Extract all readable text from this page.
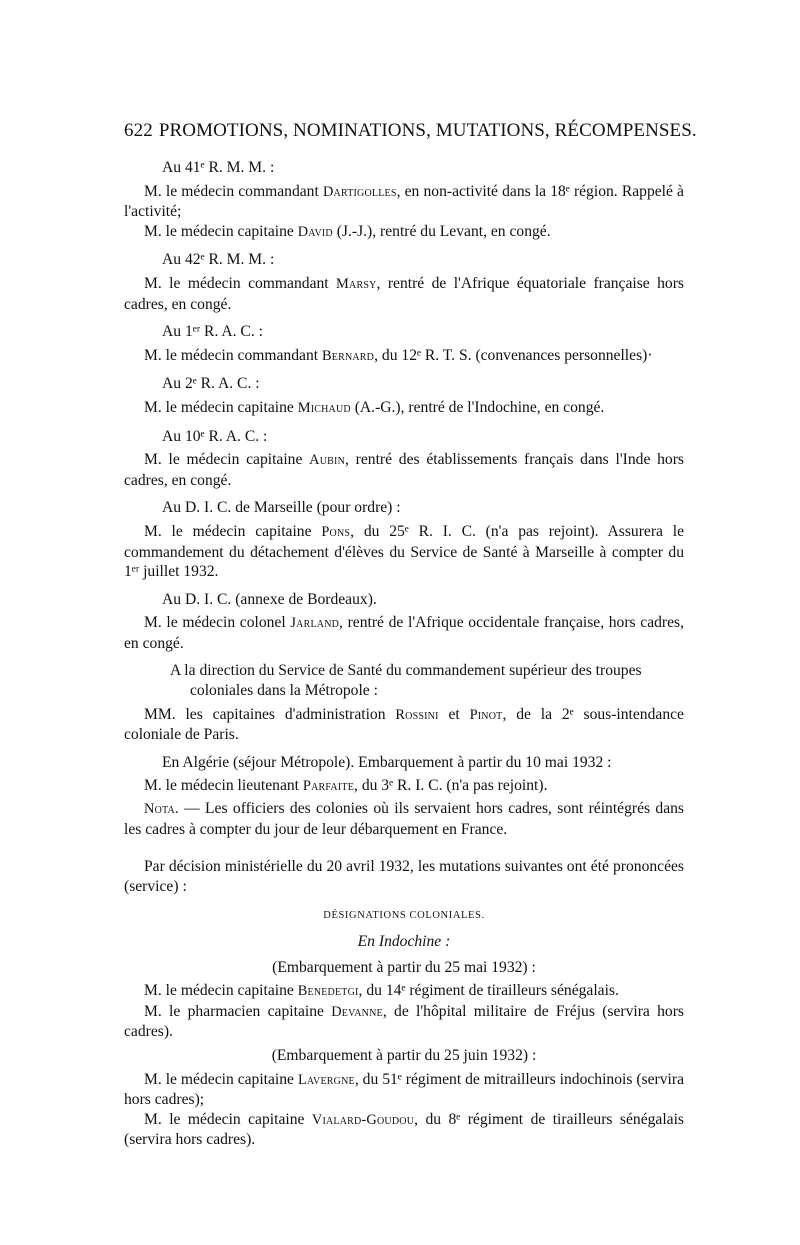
622 PROMOTIONS, NOMINATIONS, MUTATIONS, RÉCOMPENSES.

Au 41ᵉ R. M. M. :

M. le médecin commandant Dartigolles, en non-activité dans la 18ᵉ région. Rappelé à l'activité;

M. le médecin capitaine David (J.-J.), rentré du Levant, en congé.

Au 42ᵉ R. M. M. :

M. le médecin commandant Marsy, rentré de l'Afrique équatoriale française hors cadres, en congé.

Au 1ᵉʳ R. A. C. :

M. le médecin commandant Bernard, du 12ᵉ R. T. S. (convenances personnelles)·

Au 2ᵉ R. A. C. :

M. le médecin capitaine Michaud (A.-G.), rentré de l'Indochine, en congé.

Au 10ᵉ R. A. C. :

M. le médecin capitaine Aubin, rentré des établissements français dans l'Inde hors cadres, en congé.

Au D. I. C. de Marseille (pour ordre) :

M. le médecin capitaine Pons, du 25ᵉ R. I. C. (n'a pas rejoint). Assurera le commandement du détachement d'élèves du Service de Santé à Marseille à compter du 1ᵉʳ juillet 1932.

Au D. I. C. (annexe de Bordeaux).

M. le médecin colonel Jarland, rentré de l'Afrique occidentale française, hors cadres, en congé.

A la direction du Service de Santé du commandement supérieur des troupes coloniales dans la Métropole :

MM. les capitaines d'administration Rossini et Pinot, de la 2ᵉ sous-intendance coloniale de Paris.

En Algérie (séjour Métropole). Embarquement à partir du 10 mai 1932 :

M. le médecin lieutenant Parfaite, du 3ᵉ R. I. C. (n'a pas rejoint).

Nota. — Les officiers des colonies où ils servaient hors cadres, sont réintégrés dans les cadres à compter du jour de leur débarquement en France.

Par décision ministérielle du 20 avril 1932, les mutations suivantes ont été prononcées (service) :

DÉSIGNATIONS COLONIALES.

En Indochine :

(Embarquement à partir du 25 mai 1932) :

M. le médecin capitaine Benedetgi, du 14ᵉ régiment de tirailleurs sénégalais.

M. le pharmacien capitaine Devanne, de l'hôpital militaire de Fréjus (servira hors cadres).

(Embarquement à partir du 25 juin 1932) :

M. le médecin capitaine Lavergne, du 51ᵉ régiment de mitrailleurs indochinois (servira hors cadres);

M. le médecin capitaine Vialard-Goudou, du 8ᵉ régiment de tirailleurs sénégalais (servira hors cadres).
